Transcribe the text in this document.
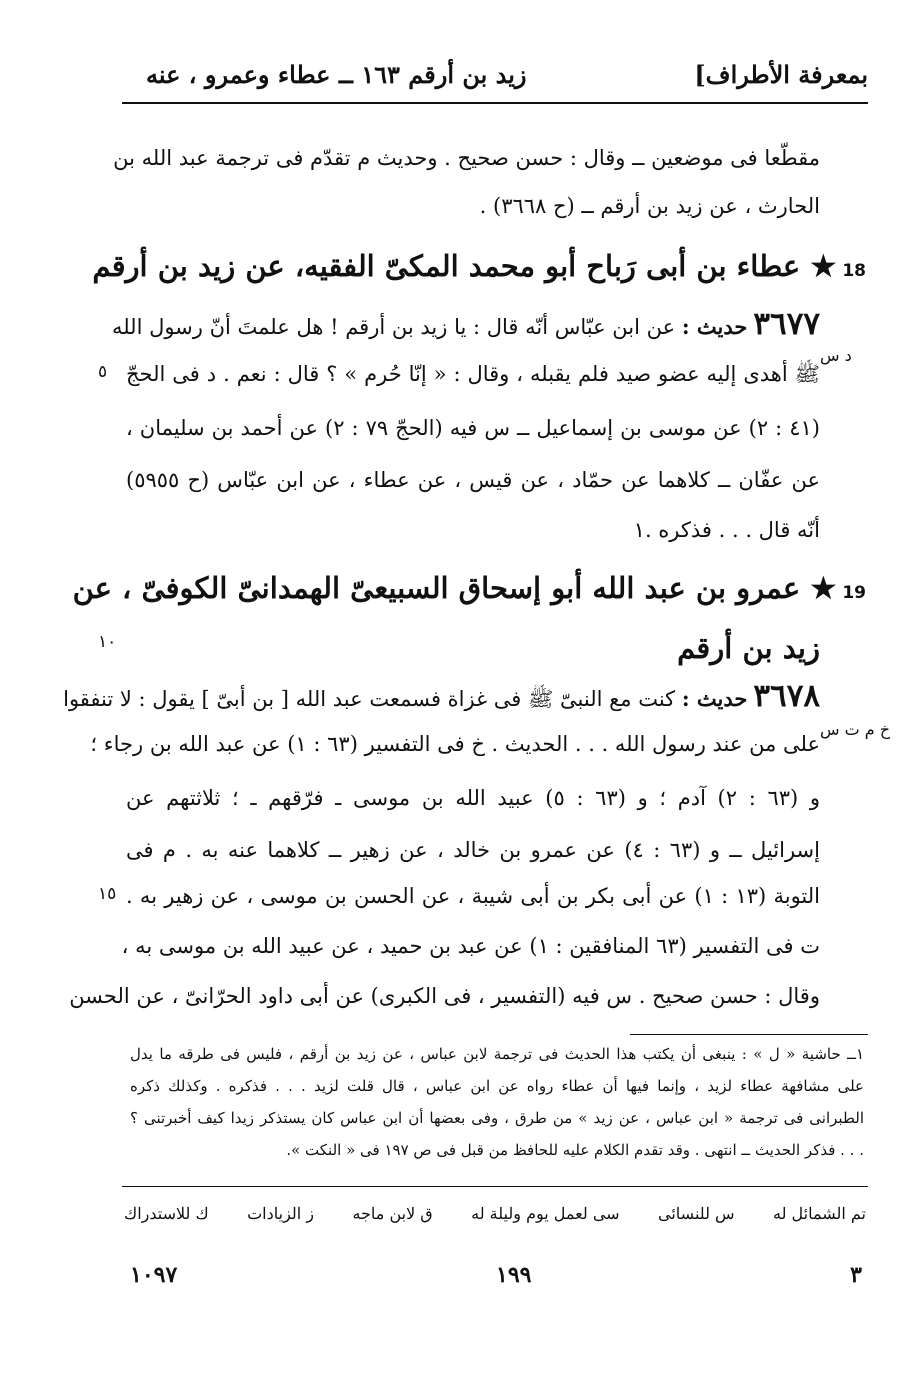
بمعرفة الأطراف]
زيد بن أرقم ١٦٣ ــ عطاء وعمرو ، عنه
مقطّعا فى موضعين ــ وقال : حسن صحيح . وحديث م تقدّم فى ترجمة عبد الله بن
الحارث ، عن زيد بن أرقم ــ (ح ٣٦٦٨) .
18★ عطاء بن أبى رَباح أبو محمد المكىّ الفقيه، عن زيد بن أرقم
٣٦٧٧حديث : عن ابن عبّاس أنّه قال : يا زيد بن أرقم ! هل علمتَ أنّ رسول الله
د س
ﷺ أهدى إليه عضو صيد فلم يقبله ، وقال : « إنّا حُرم » ؟ قال : نعم . د فى الحجّ
٥
(٤١ : ٢) عن موسى بن إسماعيل ــ س فيه (الحجّ ٧٩ : ٢) عن أحمد بن سليمان ،
عن عفّان ــ كلاهما عن حمّاد ، عن قيس ، عن عطاء ، عن ابن عبّاس (ح ٥٩٥٥)
أنّه قال . . . فذكره .١
19★ عمرو بن عبد الله أبو إسحاق السبيعىّ الهمدانىّ الكوفىّ ، عن
زيد بن أرقم
١٠
٣٦٧٨حديث : كنت مع النبىّ ﷺ فى غزاة فسمعت عبد الله [ بن أبىّ ] يقول : لا تنفقوا
خ م ت س
على من عند رسول الله . . . الحديث . خ فى التفسير (٦٣ : ١) عن عبد الله بن رجاء ؛
و (٦٣ : ٢) آدم ؛ و (٦٣ : ٥) عبيد الله بن موسى ـ فرّقهم ـ ؛ ثلاثتهم عن
إسرائيل ــ و (٦٣ : ٤) عن عمرو بن خالد ، عن زهير ــ كلاهما عنه به . م فى
التوبة (١٣ : ١) عن أبى بكر بن أبى شيبة ، عن الحسن بن موسى ، عن زهير به .
١٥
ت فى التفسير (٦٣ المنافقين : ١) عن عبد بن حميد ، عن عبيد الله بن موسى به ،
وقال : حسن صحيح . س فيه (التفسير ، فى الكبرى) عن أبى داود الحرّانىّ ، عن الحسن
١ــ حاشية « ل » : ينبغى أن يكتب هذا الحديث فى ترجمة لابن عباس ، عن زيد بن أرقم ، فليس فى طرقه ما يدل
على مشافهة عطاء لزيد ، وإنما فيها أن عطاء رواه عن ابن عباس ، قال قلت لزيد . . . فذكره . وكذلك ذكره
الطبرانى فى ترجمة « ابن عباس ، عن زيد » من طرق ، وفى بعضها أن ابن عباس كان يستذكر زيدا كيف أخبرتنى ؟
. . . فذكر الحديث ــ انتهى . وقد تقدم الكلام عليه للحافظ من قبل فى ص ١٩٧ فى « النكت ».
تم الشمائل له
س للنسائى
سى لعمل يوم وليلة له
ق لابن ماجه
ز الزيادات
ك للاستدراك
٣
١٩٩
١٠٩٧
